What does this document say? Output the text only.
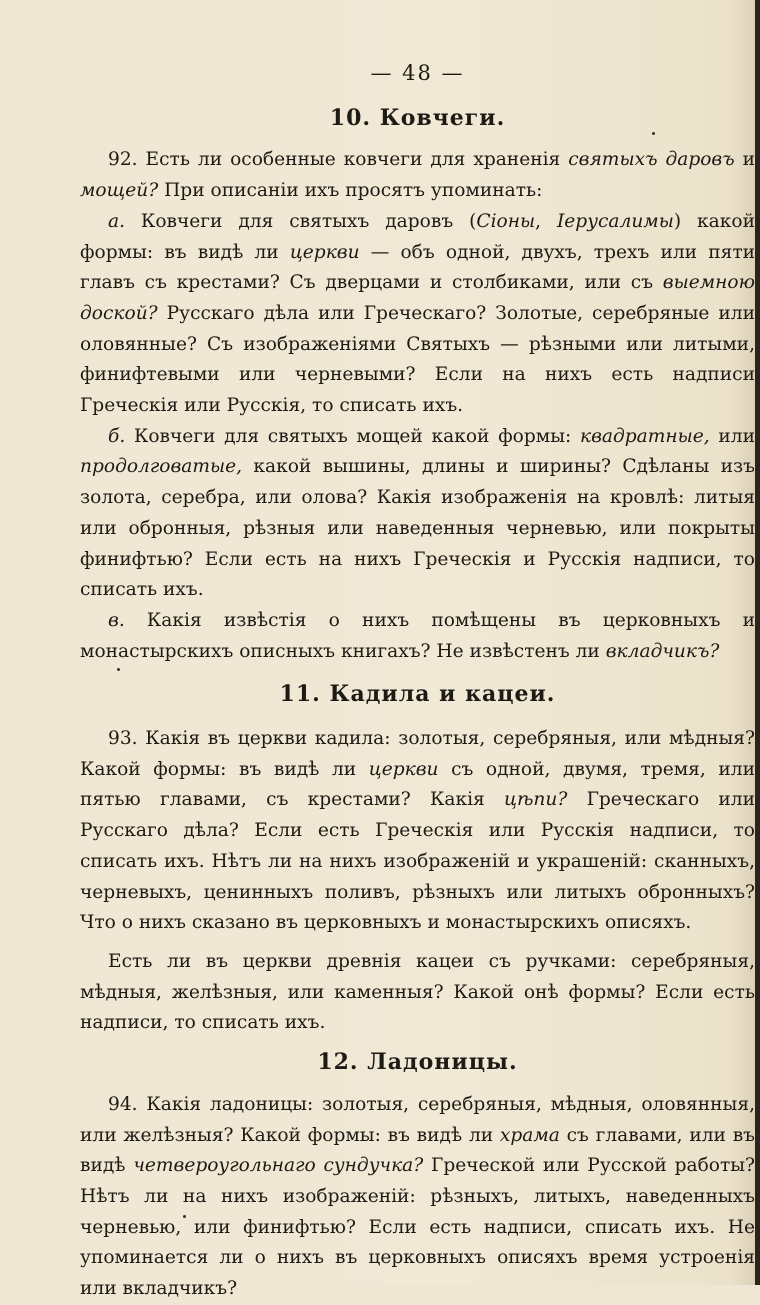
— 48 —
10. Ковчеги.

92. Есть ли особенные ковчеги для храненія святыхъ даровъ и мощей? При описаніи ихъ просятъ упоминать:

а. Ковчеги для святыхъ даровъ (Сіоны, Іерусалимы) какой формы: въ видѣ ли церкви — объ одной, двухъ, трехъ или пяти главъ съ крестами? Съ дверцами и столбиками, или съ выемною доской? Русскаго дѣла или Греческаго? Золотые, серебряные или оловянные? Съ изображеніями Святыхъ — рѣзными или литыми, финифтевыми или черневыми? Если на нихъ есть надписи Греческія или Русскія, то списать ихъ.

б. Ковчеги для святыхъ мощей какой формы: квадратные, или продолговатые, какой вышины, длины и ширины? Сдѣланы изъ золота, серебра, или олова? Какія изображенія на кровлѣ: литыя или обронныя, рѣзныя или наведенныя черневью, или покрыты финифтью? Если есть на нихъ Греческія и Русскія надписи, то списать ихъ.

в. Какія извѣстія о нихъ помѣщены въ церковныхъ и монастырскихъ описныхъ книгахъ? Не извѣстенъ ли вкладчикъ?

11. Кадила и кацеи.

93. Какія въ церкви кадила: золотыя, серебряныя, или мѣдныя? Какой формы: въ видѣ ли церкви съ одной, двумя, тремя, или пятью главами, съ крестами? Какія цѣпи? Греческаго или Русскаго дѣла? Если есть Греческія или Русскія надписи, то списать ихъ. Нѣтъ ли на нихъ изображеній и украшеній: сканныхъ, черневыхъ, ценинныхъ поливъ, рѣзныхъ или литыхъ обронныхъ? Что о нихъ сказано въ церковныхъ и монастырскихъ описяхъ.

Есть ли въ церкви древнія кацеи съ ручками: серебряныя, мѣдныя, желѣзныя, или каменныя? Какой онѣ формы? Если есть надписи, то списать ихъ.

12. Ладоницы.

94. Какія ладоницы: золотыя, серебряныя, мѣдныя, оловянныя, или желѣзныя? Какой формы: въ видѣ ли храма съ главами, или въ видѣ четвероугольнаго сундучка? Греческой или Русской работы? Нѣтъ ли на нихъ изображеній: рѣзныхъ, литыхъ, наведенныхъ черневью, или финифтью? Если есть надписи, списать ихъ. Не упоминается ли о нихъ въ церковныхъ описяхъ время устроенія или вкладчикъ?
